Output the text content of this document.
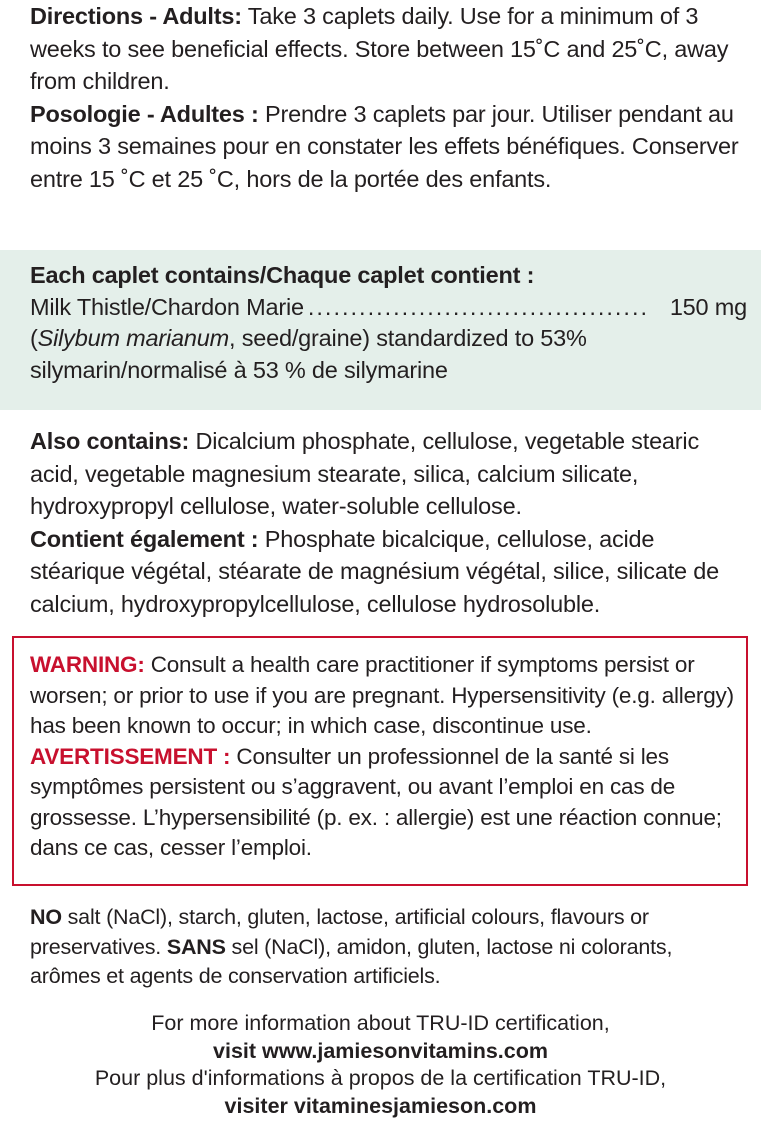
Directions - Adults: Take 3 caplets daily. Use for a minimum of 3 weeks to see beneficial effects. Store between 15˚C and 25˚C, away from children.

Posologie - Adultes : Prendre 3 caplets par jour. Utiliser pendant au moins 3 semaines pour en constater les effets bénéfiques. Conserver entre 15 ˚C et 25 ˚C, hors de la portée des enfants.

Each caplet contains/Chaque caplet contient :

Milk Thistle/Chardon Marie ........................................ 150 mg

(Silybum marianum, seed/graine) standardized to 53% silymarin/normalisé à 53 % de silymarine

Also contains: Dicalcium phosphate, cellulose, vegetable stearic acid, vegetable magnesium stearate, silica, calcium silicate, hydroxypropyl cellulose, water-soluble cellulose.

Contient également : Phosphate bicalcique, cellulose, acide stéarique végétal, stéarate de magnésium végétal, silice, silicate de calcium, hydroxypropylcellulose, cellulose hydrosoluble.

WARNING: Consult a health care practitioner if symptoms persist or worsen; or prior to use if you are pregnant. Hypersensitivity (e.g. allergy) has been known to occur; in which case, discontinue use.

AVERTISSEMENT : Consulter un professionnel de la santé si les symptômes persistent ou s’aggravent, ou avant l’emploi en cas de grossesse. L’hypersensibilité (p. ex. : allergie) est une réaction connue; dans ce cas, cesser l’emploi.

NO salt (NaCl), starch, gluten, lactose, artificial colours, flavours or preservatives. SANS sel (NaCl), amidon, gluten, lactose ni colorants, arômes et agents de conservation artificiels.

For more information about TRU-ID certification,
visit www.jamiesonvitamins.com
Pour plus d'informations à propos de la certification TRU-ID,
visiter vitaminesjamieson.com
